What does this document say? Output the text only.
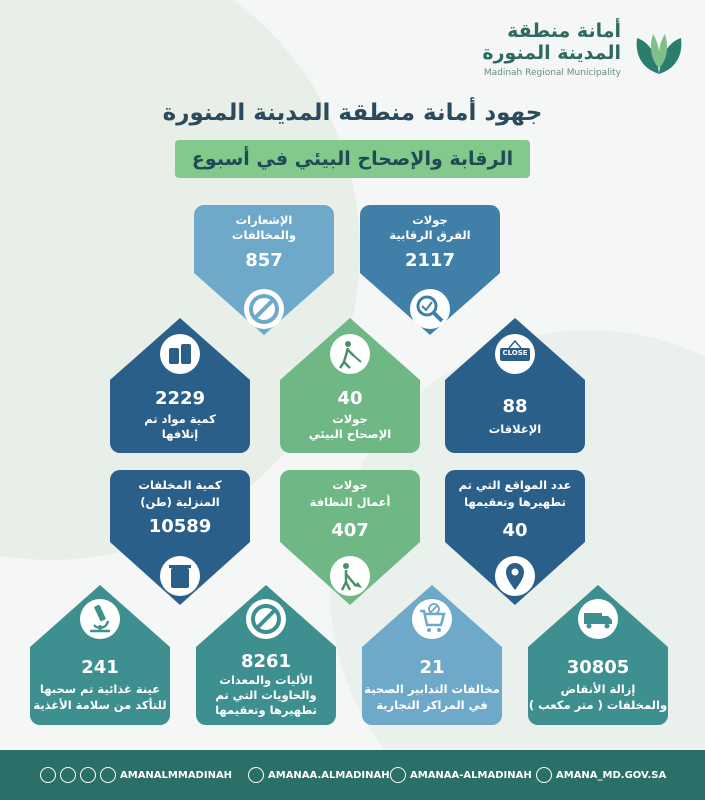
أمانة منطقة
المدينة المنورة
Madinah Regional Municipality
جهود أمانة منطقة المدينة المنورة
الرقابة والإصحاح البيئي في أسبوع
الإشعارات
والمخالفات
857
جولات
الفرق الرقابية
2117
2229
كمية مواد تم
إتلافها
40
جولات
الإصحاح البيئي
CLOSE
88
الإغلاقات
كمية المخلفات
المنزلية (طن)
10589
جولات
أعمال النظافة
407
عدد المواقع التي تم
تطهيرها وتعقيمها
40
241
عينة غذائية تم سحبها
للتأكد من سلامة الأغذية
8261
الأليات والمعدات
والحاويات التي تم
تطهيرها وتعقيمها
21
مخالفات التدابير الصحية
في المراكز التجارية
30805
إزالة الأنقاض
والمخلفات ( متر مكعب )
AMANALMMADINAH	AMANAA.ALMADINAH AMANAA-ALMADINAH AMANA_MD.GOV.SA
